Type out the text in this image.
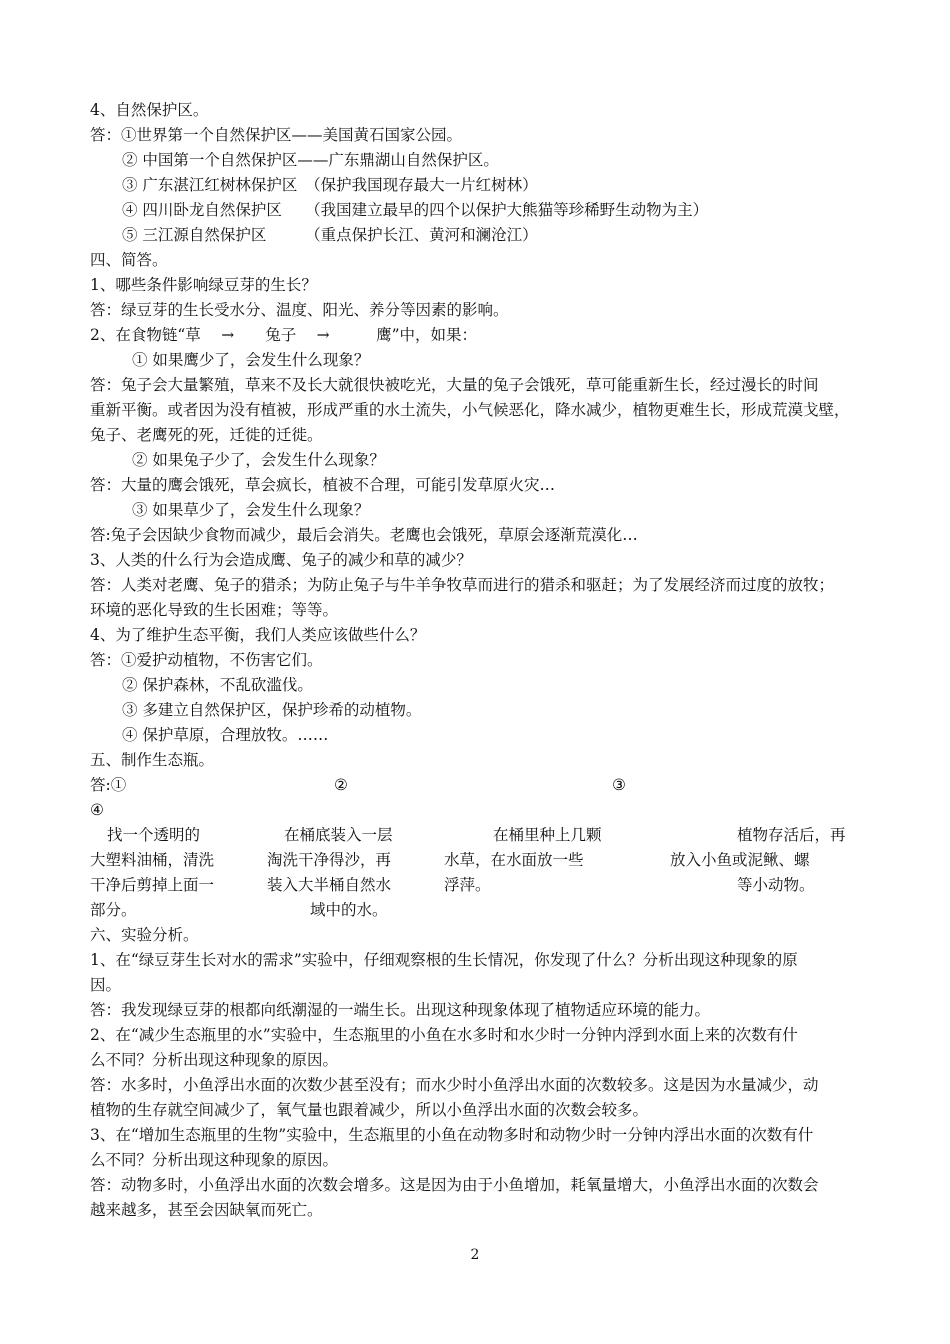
4、自然保护区。
答：①世界第一个自然保护区——美国黄石国家公园。
② 中国第一个自然保护区——广东鼎湖山自然保护区。
③ 广东湛江红树林保护区　（保护我国现存最大一片红树林）
④ 四川卧龙自然保护区　　（我国建立最早的四个以保护大熊猫等珍稀野生动物为主）
⑤ 三江源自然保护区　　　（重点保护长江、黄河和澜沧江）
四、简答。
1、哪些条件影响绿豆芽的生长？
答：绿豆芽的生长受水分、温度、阳光、养分等因素的影响。
2、在食物链“草　 →　　兔子　 →　　　鹰”中，如果：
① 如果鹰少了，会发生什么现象？
答：兔子会大量繁殖，草来不及长大就很快被吃光，大量的兔子会饿死，草可能重新生长，经过漫长的时间
重新平衡。或者因为没有植被，形成严重的水土流失，小气候恶化，降水减少，植物更难生长，形成荒漠戈壁，
兔子、老鹰死的死，迁徙的迁徙。
② 如果兔子少了，会发生什么现象？
答：大量的鹰会饿死，草会疯长，植被不合理，可能引发草原火灾…
③ 如果草少了，会发生什么现象？
答:兔子会因缺少食物而减少，最后会消失。老鹰也会饿死，草原会逐渐荒漠化…
3、人类的什么行为会造成鹰、兔子的减少和草的减少？
答：人类对老鹰、兔子的猎杀；为防止兔子与牛羊争牧草而进行的猎杀和驱赶；为了发展经济而过度的放牧；
环境的恶化导致的生长困难；等等。
4、为了维护生态平衡，我们人类应该做些什么？
答：①爱护动植物，不伤害它们。
② 保护森林，不乱砍滥伐。
③ 多建立自然保护区，保护珍希的动植物。
④ 保护草原，合理放牧。……
五、制作生态瓶。
答:①	②	③
④
找一个透明的
大塑料油桶，清洗
干净后剪掉上面一
部分。
在桶底装入一层
淘洗干净得沙，再
装入大半桶自然水
域中的水。
在桶里种上几颗
水草，在水面放一些
浮萍。
植物存活后，再
放入小鱼或泥鳅、螺
等小动物。
六、实验分析。
1、在“绿豆芽生长对水的需求”实验中，仔细观察根的生长情况，你发现了什么？分析出现这种现象的原
因。
答：我发现绿豆芽的根都向纸潮湿的一端生长。出现这种现象体现了植物适应环境的能力。
2、在“减少生态瓶里的水”实验中，生态瓶里的小鱼在水多时和水少时一分钟内浮到水面上来的次数有什
么不同？分析出现这种现象的原因。
答：水多时，小鱼浮出水面的次数少甚至没有；而水少时小鱼浮出水面的次数较多。这是因为水量减少，动
植物的生存就空间减少了，氧气量也跟着减少，所以小鱼浮出水面的次数会较多。
3、在“增加生态瓶里的生物”实验中，生态瓶里的小鱼在动物多时和动物少时一分钟内浮出水面的次数有什
么不同？分析出现这种现象的原因。
答：动物多时，小鱼浮出水面的次数会增多。这是因为由于小鱼增加，耗氧量增大，小鱼浮出水面的次数会
越来越多，甚至会因缺氧而死亡。
2
